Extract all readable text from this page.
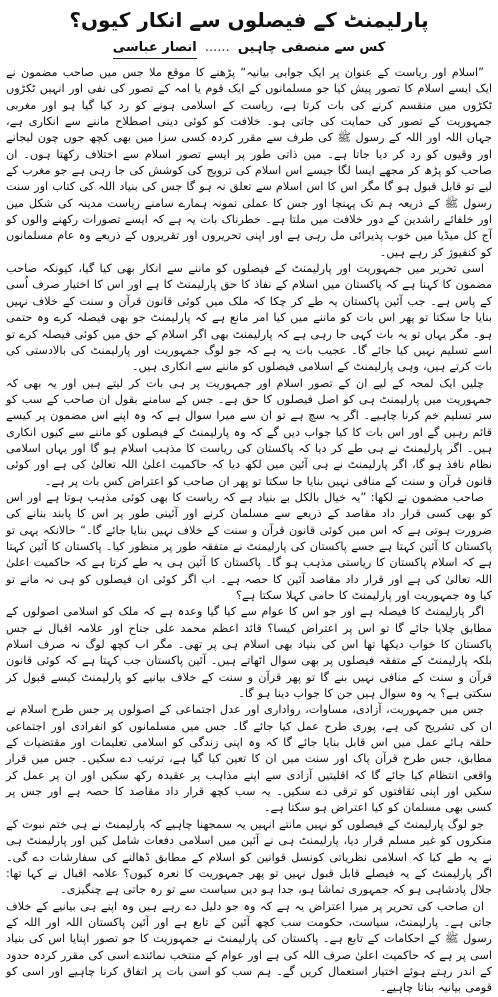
پارلیمنٹ کے فیصلوں سے انکار کیوں؟
کس سے منصفی چاہیں ...... انصار عباسی

”اسلام اور ریاست کے عنوان پر ایک جوابی بیانیہ“ پڑھنے کا موقع ملا جس میں صاحب مضمون نے ایک ایسے اسلام کا تصور پیش کیا جو مسلمانوں کے ایک قوم یا امہ کے تصور کی نفی اور انہیں ٹکڑوں ٹکڑوں میں منقسم کرنے کی بات کرتا ہے، ریاست کے اسلامی ہونے کو رد کیا گیا ہو اور مغربی جمہوریت کے تصور کی حمایت کی جاتی ہو۔ خلافت کو کوئی دینی اصطلاح ماننے سے انکاری ہے، جہاں اللہ اور اللہ کے رسول ﷺ کی طرف سے مقرر کردہ کسی سزا میں بھی کچھ جوں چون لیجانے اور وقیوں کو رد کر دیا جاتا ہے۔ میں ذاتی طور پر ایسے تصور اسلام سے اختلاف رکھتا ہوں۔ ان صاحب کو پڑھ کر مجھے ایسا لگا جیسے اس اسلام کی ترویج کی کوشش کی جا رہی ہے جو مغرب کے لیے تو قابل قبول ہو گا مگر اس کا اس اسلام سے تعلق نہ ہو گا جس کی بنیاد اللہ کی کتاب اور سنت رسول ﷺ کے ذریعہ ہم تک پہنچا اور جس کا عملی نمونہ ہمارے سامنے ریاست مدینہ کی شکل میں اور خلفائے راشدین کے دور خلافت میں ملتا ہے۔ خطرناک بات یہ ہے کہ ایسے تصورات رکھنے والوں کو آج کل میڈیا میں خوب پذیرائی مل رہی ہے اور اپنی تحریروں اور تقریروں کے ذریعے وہ عام مسلمانوں کو کنفیوژ کر رہے ہیں۔

اسی تحریر میں جمہوریت اور پارلیمنٹ کے فیصلوں کو ماننے سے انکار بھی کیا گیا، کیونکہ صاحب مضمون کا کہنا ہے کہ پاکستان میں اسلام کے نفاذ کا حق پارلیمنٹ کا ہے اور اس کا اختیار صرف اُسی کے پاس ہے۔ جب آئین پاکستان یہ طے کر چکا کہ ملک میں کوئی قانون قرآن و سنت کے خلاف نہیں بنایا جا سکتا تو پھر اس بات کو ماننے میں کیا امر مانع ہے کہ پارلیمنٹ جو بھی فیصلہ کرے وہ حتمی ہو۔ مگر یہاں تو یہ بات کہی جا رہی ہے کہ پارلیمنٹ بھی اگر اسلام کے حق میں کوئی فیصلہ کرے تو اسے تسلیم نہیں کیا جائے گا۔ عجیب بات یہ ہے کہ جو لوگ جمہوریت اور پارلیمنٹ کی بالادستی کی بات کرتے ہیں، وہی پارلیمنٹ کے اسلامی فیصلوں کو ماننے سے انکاری ہیں۔

چلیں ایک لمحہ کے لیے ان کے تصور اسلام اور جمہوریت پر ہی بات کر لیتے ہیں اور یہ بھی کہ جمہوریت میں پارلیمنٹ ہی کو اصل فیصلوں کا حق ہے۔ جس کے سامنے بقول ان صاحب کے سب کو سر تسلیم خم کرنا چاہیے۔ اگر یہ سچ ہے تو ان سے میرا سوال ہے کہ وہ اپنے اس مضمون پر کیسے قائم رہیں گے اور اس بات کا کیا جواب دیں گے کہ وہ پارلیمنٹ کے فیصلوں کو ماننے سے کیوں انکاری ہیں۔ اگر پارلیمنٹ نے ہی طے کر دیا کہ پاکستان کی ریاست کا مذہب اسلام ہو گا اور یہاں اسلامی نظام نافذ ہو گا، اگر پارلیمنٹ نے ہی آئین میں لکھ دیا کہ حاکمیت اعلیٰ اللہ تعالیٰ کی ہے اور کوئی قانون قرآن و سنت کے منافی نہیں بنایا جا سکتا تو پھر ان صاحب کو اعتراض کس بات پر ہے۔

صاحب مضمون نے لکھا: ”یہ خیال بالکل بے بنیاد ہے کہ ریاست کا بھی کوئی مذہب ہوتا ہے اور اس کو بھی کسی قرار داد مقاصد کے ذریعے سے مسلمان کرنے اور آئینی طور پر اس کا پابند بنانے کی ضرورت ہوتی ہے کہ اس میں کوئی قانون قرآن و سنت کے خلاف نہیں بنایا جائے گا۔“ حالانکہ یہی تو پاکستان کا آئین کہتا ہے جسے پاکستان کی پارلیمنٹ نے متفقہ طور پر منظور کیا۔ پاکستان کا آئین کہتا ہے کہ اسلام پاکستان کا ریاستی مذہب ہو گا۔ پاکستان کا آئین ہی یہ طے کرتا ہے کہ حاکمیت اعلیٰ اللہ تعالیٰ کی ہے اور قرار داد مقاصد آئین کا حصہ ہے۔ اب اگر کوئی ان فیصلوں کو ہی نہ مانے تو کیا وہ جمہوریت اور پارلیمنٹ کا حامی کہلا سکتا ہے؟

اگر پارلیمنٹ کا فیصلہ ہے اور جو اس کا عوام سے کیا گیا وعدہ ہے کہ ملک کو اسلامی اصولوں کے مطابق چلایا جائے گا تو اس پر اعتراض کیسا؟ قائد اعظم محمد علی جناح اور علامہ اقبال نے جس پاکستان کا خواب دیکھا تھا اس کی بنیاد بھی اسلام ہی پر تھی۔ مگر اب کچھ لوگ نہ صرف اسلام بلکہ پارلیمنٹ کے متفقہ فیصلوں پر بھی سوال اٹھاتے ہیں۔ آئین پاکستان جب کہتا ہے کہ کوئی قانون قرآن و سنت کے منافی نہیں بنے گا تو پھر قرآن و سنت کے خلاف بیانیے کو پارلیمنٹ کیسے قبول کر سکتی ہے؟ یہ وہ سوال ہیں جن کا جواب دینا ہو گا۔

جس میں جمہوریت، آزادی، مساوات، رواداری اور عدل اجتماعی کے اصولوں پر جس طرح اسلام نے ان کی تشریح کی ہے، پوری طرح عمل کیا جائے گا۔ جس میں مسلمانوں کو انفرادی اور اجتماعی حلقہ ہائے عمل میں اس قابل بنایا جائے گا کہ وہ اپنی زندگی کو اسلامی تعلیمات اور مقتضیات کے مطابق، جس طرح قرآن پاک اور سنت میں ان کا تعین کیا گیا ہے، ترتیب دے سکیں۔ جس میں قرار واقعی انتظام کیا جائے گا کہ اقلیتیں آزادی سے اپنے مذاہب پر عقیدہ رکھ سکیں اور ان پر عمل کر سکیں اور اپنی ثقافتوں کو ترقی دے سکیں۔ یہ سب کچھ قرار داد مقاصد کا حصہ ہے اور جس پر کسی بھی مسلمان کو کیا اعتراض ہو سکتا ہے۔

جو لوگ پارلیمنٹ کے فیصلوں کو نہیں مانتے انہیں یہ سمجھنا چاہیے کہ پارلیمنٹ نے ہی ختم نبوت کے منکروں کو غیر مسلم قرار دیا، پارلیمنٹ ہی نے آئین میں اسلامی دفعات شامل کیں اور پارلیمنٹ ہی نے یہ طے کیا کہ اسلامی نظریاتی کونسل قوانین کو اسلام کے مطابق ڈھالنے کی سفارشات دے گی۔ اگر پارلیمنٹ کے یہ فیصلے قابل قبول نہیں تو پھر جمہوریت کا نعرہ کیوں؟ علامہ اقبال نے کہا تھا: جلال پادشاہی ہو کہ جمہوری تماشا ہو، جدا ہو دیں سیاست سے تو رہ جاتی ہے چنگیزی۔

ان صاحب کی تحریر پر میرا اعتراض یہ ہے کہ وہ جو دلیل دے رہے ہیں وہ اپنے ہی بیانیے کے خلاف جاتی ہے۔ پارلیمنٹ، سیاست، حکومت سب کچھ آئین کے تابع ہے اور آئین پاکستان اللہ اور اللہ کے رسول ﷺ کے احکامات کے تابع ہے۔ پاکستان کی پارلیمنٹ نے جمہوریت کا جو تصور اپنایا اس کی بنیاد اسی پر ہے کہ حاکمیت اعلیٰ صرف اللہ کی ہے اور عوام کے منتخب نمائندے اسی کی مقرر کردہ حدود کے اندر رہتے ہوئے اختیار استعمال کریں گے۔ ہم سب کو اسی بات پر اتفاق کرنا چاہیے اور اسی کو قومی بیانیہ بنانا چاہیے۔
